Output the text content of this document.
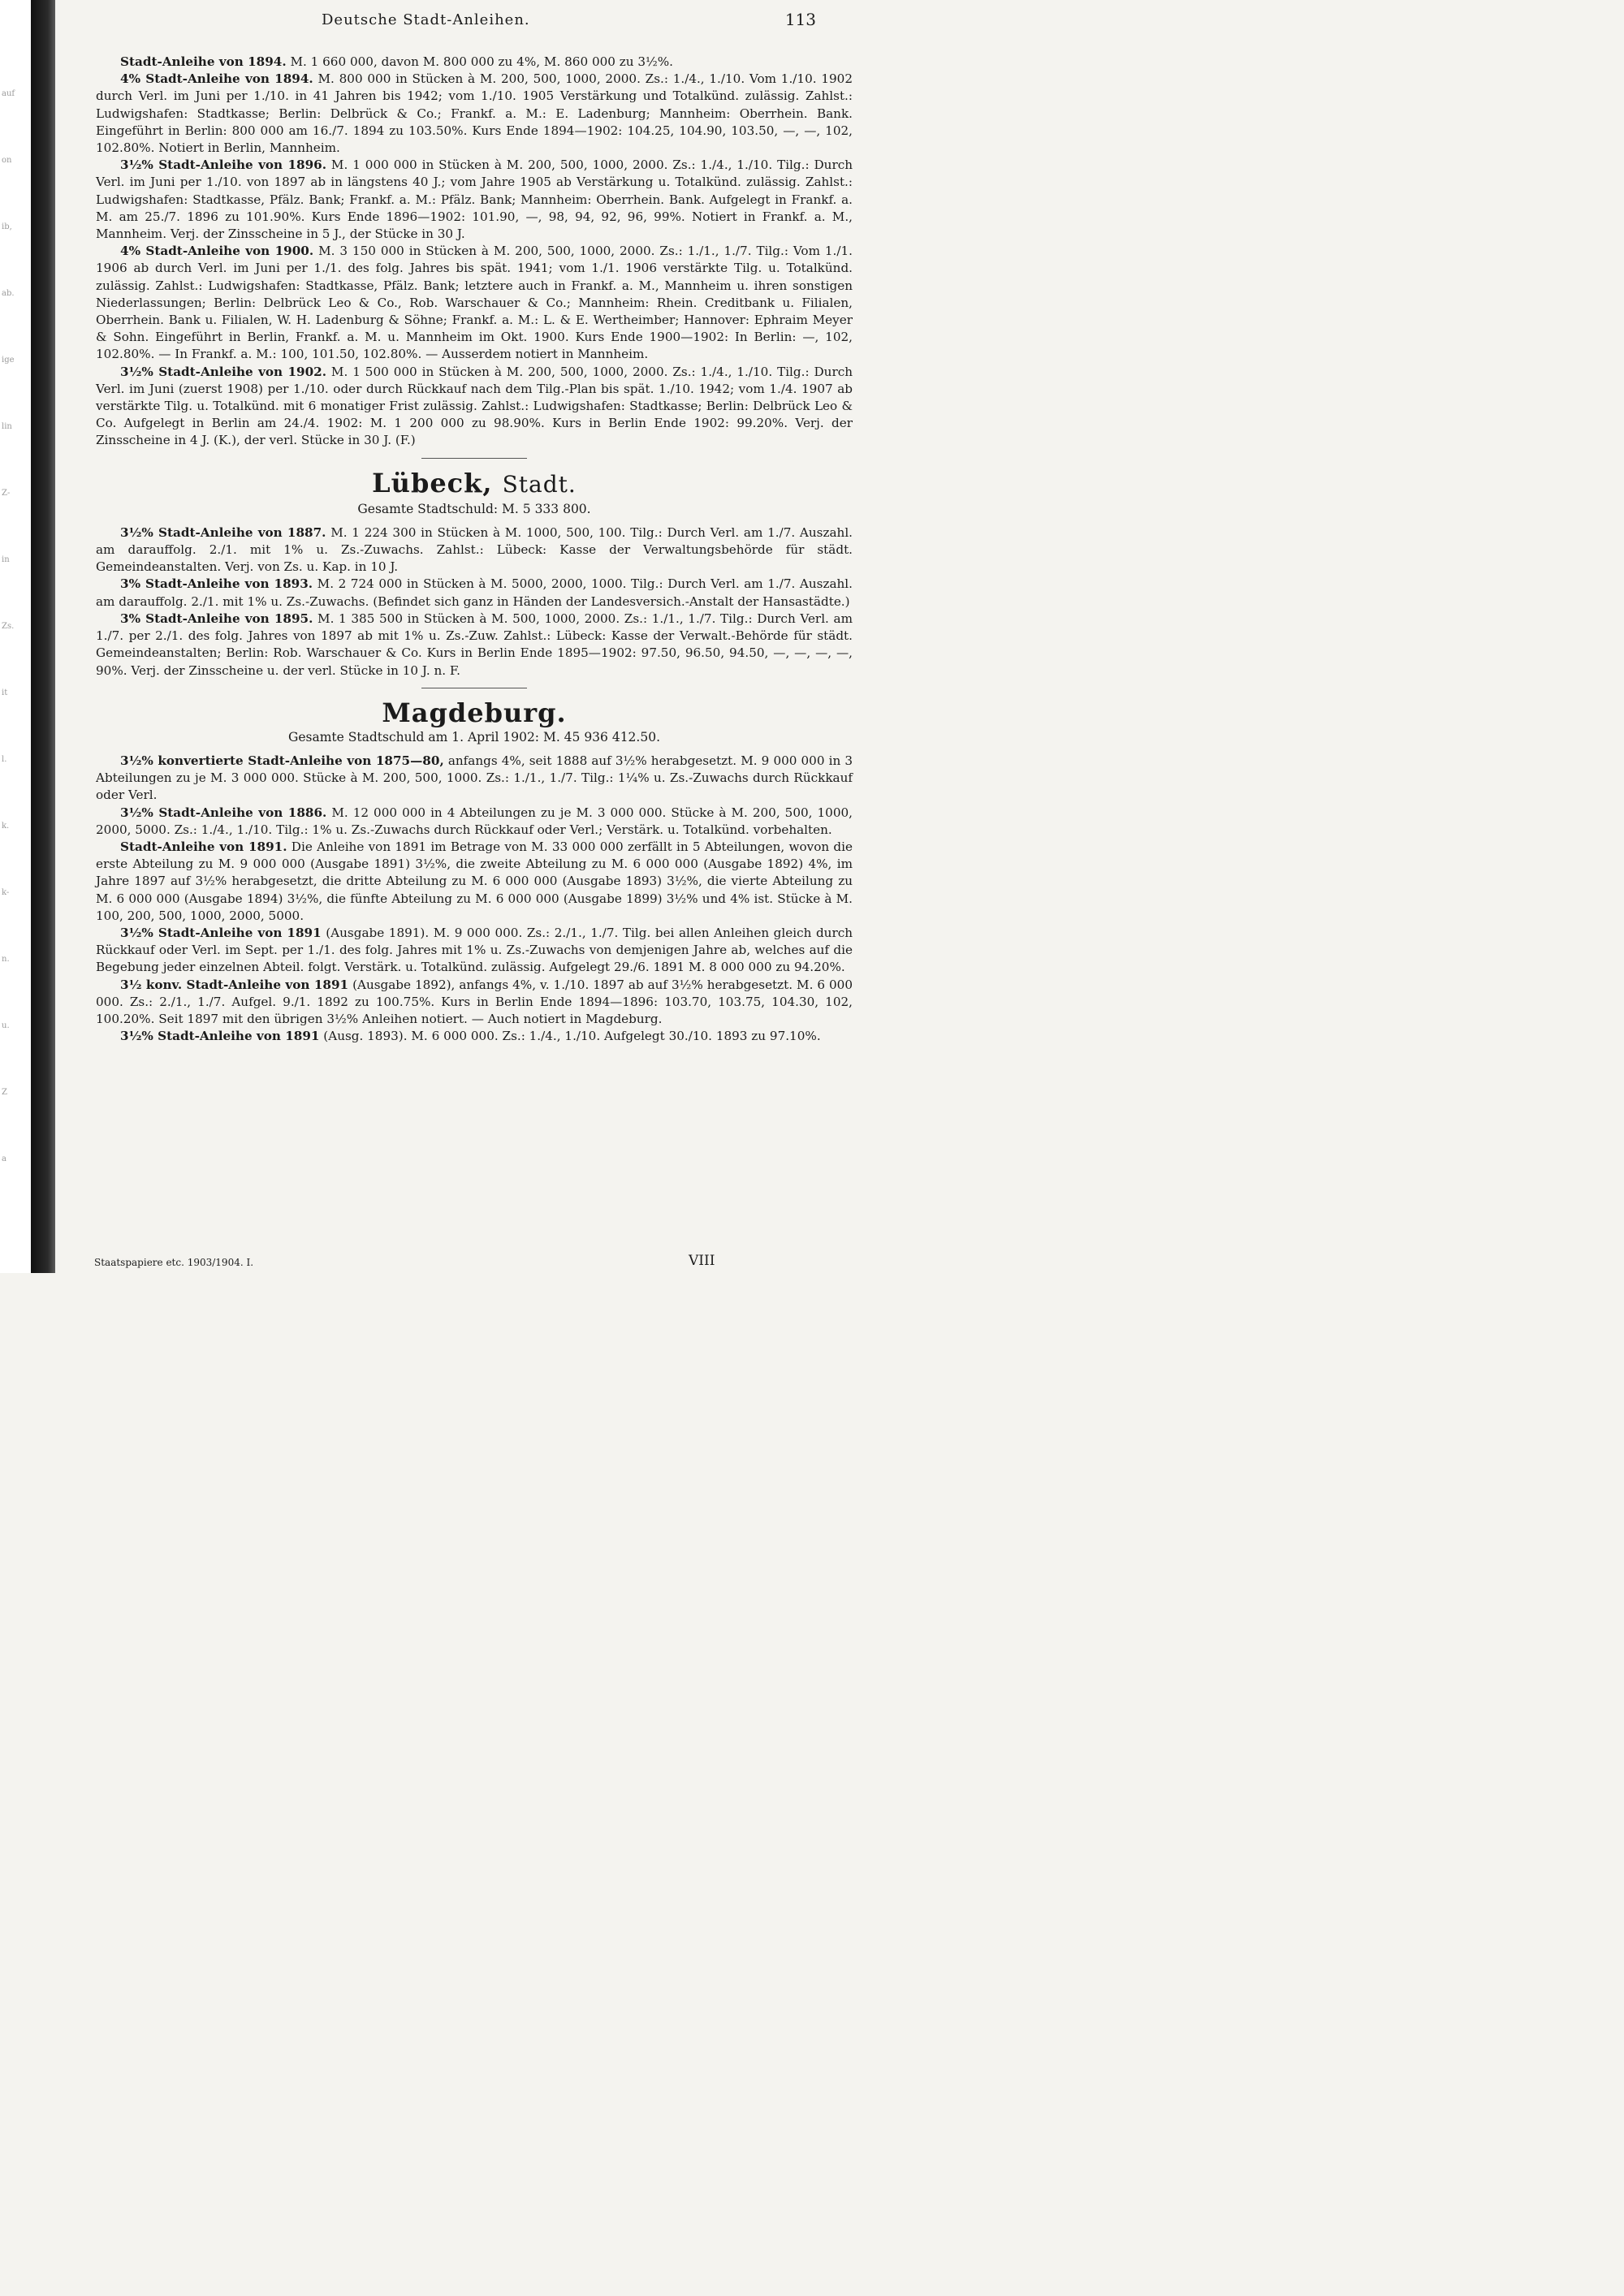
auf
on
ib,
ab.
ige
lin
Z-
in
Zs.
it
l.
k.
k-
n.
u.
Z
a
Deutsche Stadt-Anleihen.	113

Stadt-Anleihe von 1894. M. 1 660 000, davon M. 800 000 zu 4%, M. 860 000 zu 3½%.

4% Stadt-Anleihe von 1894. M. 800 000 in Stücken à M. 200, 500, 1000, 2000. Zs.: 1./4., 1./10. Vom 1./10. 1902 durch Verl. im Juni per 1./10. in 41 Jahren bis 1942; vom 1./10. 1905 Verstärkung und Totalkünd. zulässig. Zahlst.: Ludwigshafen: Stadtkasse; Berlin: Delbrück & Co.; Frankf. a. M.: E. Ladenburg; Mannheim: Oberrhein. Bank. Eingeführt in Berlin: 800 000 am 16./7. 1894 zu 103.50%. Kurs Ende 1894—1902: 104.25, 104.90, 103.50, —, —, 102, 102.80%. Notiert in Berlin, Mannheim.

3½% Stadt-Anleihe von 1896. M. 1 000 000 in Stücken à M. 200, 500, 1000, 2000. Zs.: 1./4., 1./10. Tilg.: Durch Verl. im Juni per 1./10. von 1897 ab in längstens 40 J.; vom Jahre 1905 ab Verstärkung u. Totalkünd. zulässig. Zahlst.: Ludwigshafen: Stadtkasse, Pfälz. Bank; Frankf. a. M.: Pfälz. Bank; Mannheim: Oberrhein. Bank. Aufgelegt in Frankf. a. M. am 25./7. 1896 zu 101.90%. Kurs Ende 1896—1902: 101.90, —, 98, 94, 92, 96, 99%. Notiert in Frankf. a. M., Mannheim. Verj. der Zinsscheine in 5 J., der Stücke in 30 J.

4% Stadt-Anleihe von 1900. M. 3 150 000 in Stücken à M. 200, 500, 1000, 2000. Zs.: 1./1., 1./7. Tilg.: Vom 1./1. 1906 ab durch Verl. im Juni per 1./1. des folg. Jahres bis spät. 1941; vom 1./1. 1906 verstärkte Tilg. u. Totalkünd. zulässig. Zahlst.: Ludwigshafen: Stadtkasse, Pfälz. Bank; letztere auch in Frankf. a. M., Mannheim u. ihren sonstigen Niederlassungen; Berlin: Delbrück Leo & Co., Rob. Warschauer & Co.; Mannheim: Rhein. Creditbank u. Filialen, Oberrhein. Bank u. Filialen, W. H. Ladenburg & Söhne; Frankf. a. M.: L. & E. Wertheimber; Hannover: Ephraim Meyer & Sohn. Eingeführt in Berlin, Frankf. a. M. u. Mannheim im Okt. 1900. Kurs Ende 1900—1902: In Berlin: —, 102, 102.80%. — In Frankf. a. M.: 100, 101.50, 102.80%. — Ausserdem notiert in Mannheim.

3½% Stadt-Anleihe von 1902. M. 1 500 000 in Stücken à M. 200, 500, 1000, 2000. Zs.: 1./4., 1./10. Tilg.: Durch Verl. im Juni (zuerst 1908) per 1./10. oder durch Rückkauf nach dem Tilg.-Plan bis spät. 1./10. 1942; vom 1./4. 1907 ab verstärkte Tilg. u. Totalkünd. mit 6 monatiger Frist zulässig. Zahlst.: Ludwigshafen: Stadtkasse; Berlin: Delbrück Leo & Co. Aufgelegt in Berlin am 24./4. 1902: M. 1 200 000 zu 98.90%. Kurs in Berlin Ende 1902: 99.20%. Verj. der Zinsscheine in 4 J. (K.), der verl. Stücke in 30 J. (F.)

Lübeck, Stadt.
Gesamte Stadtschuld: M. 5 333 800.

3½% Stadt-Anleihe von 1887. M. 1 224 300 in Stücken à M. 1000, 500, 100. Tilg.: Durch Verl. am 1./7. Auszahl. am darauffolg. 2./1. mit 1% u. Zs.-Zuwachs. Zahlst.: Lübeck: Kasse der Verwaltungsbehörde für städt. Gemeindeanstalten. Verj. von Zs. u. Kap. in 10 J.

3% Stadt-Anleihe von 1893. M. 2 724 000 in Stücken à M. 5000, 2000, 1000. Tilg.: Durch Verl. am 1./7. Auszahl. am darauffolg. 2./1. mit 1% u. Zs.-Zuwachs. (Befindet sich ganz in Händen der Landesversich.-Anstalt der Hansastädte.)

3% Stadt-Anleihe von 1895. M. 1 385 500 in Stücken à M. 500, 1000, 2000. Zs.: 1./1., 1./7. Tilg.: Durch Verl. am 1./7. per 2./1. des folg. Jahres von 1897 ab mit 1% u. Zs.-Zuw. Zahlst.: Lübeck: Kasse der Verwalt.-Behörde für städt. Gemeindeanstalten; Berlin: Rob. Warschauer & Co. Kurs in Berlin Ende 1895—1902: 97.50, 96.50, 94.50, —, —, —, —, 90%. Verj. der Zinsscheine u. der verl. Stücke in 10 J. n. F.

Magdeburg.
Gesamte Stadtschuld am 1. April 1902: M. 45 936 412.50.

3½% konvertierte Stadt-Anleihe von 1875—80, anfangs 4%, seit 1888 auf 3½% herabgesetzt. M. 9 000 000 in 3 Abteilungen zu je M. 3 000 000. Stücke à M. 200, 500, 1000. Zs.: 1./1., 1./7. Tilg.: 1¼% u. Zs.-Zuwachs durch Rückkauf oder Verl.

3½% Stadt-Anleihe von 1886. M. 12 000 000 in 4 Abteilungen zu je M. 3 000 000. Stücke à M. 200, 500, 1000, 2000, 5000. Zs.: 1./4., 1./10. Tilg.: 1% u. Zs.-Zuwachs durch Rückkauf oder Verl.; Verstärk. u. Totalkünd. vorbehalten.

Stadt-Anleihe von 1891. Die Anleihe von 1891 im Betrage von M. 33 000 000 zerfällt in 5 Abteilungen, wovon die erste Abteilung zu M. 9 000 000 (Ausgabe 1891) 3½%, die zweite Abteilung zu M. 6 000 000 (Ausgabe 1892) 4%, im Jahre 1897 auf 3½% herabgesetzt, die dritte Abteilung zu M. 6 000 000 (Ausgabe 1893) 3½%, die vierte Abteilung zu M. 6 000 000 (Ausgabe 1894) 3½%, die fünfte Abteilung zu M. 6 000 000 (Ausgabe 1899) 3½% und 4% ist. Stücke à M. 100, 200, 500, 1000, 2000, 5000.

3½% Stadt-Anleihe von 1891 (Ausgabe 1891). M. 9 000 000. Zs.: 2./1., 1./7. Tilg. bei allen Anleihen gleich durch Rückkauf oder Verl. im Sept. per 1./1. des folg. Jahres mit 1% u. Zs.-Zuwachs von demjenigen Jahre ab, welches auf die Begebung jeder einzelnen Abteil. folgt. Verstärk. u. Totalkünd. zulässig. Aufgelegt 29./6. 1891 M. 8 000 000 zu 94.20%.

3½ konv. Stadt-Anleihe von 1891 (Ausgabe 1892), anfangs 4%, v. 1./10. 1897 ab auf 3½% herabgesetzt. M. 6 000 000. Zs.: 2./1., 1./7. Aufgel. 9./1. 1892 zu 100.75%. Kurs in Berlin Ende 1894—1896: 103.70, 103.75, 104.30, 102, 100.20%. Seit 1897 mit den übrigen 3½% Anleihen notiert. — Auch notiert in Magdeburg.

3½% Stadt-Anleihe von 1891 (Ausg. 1893). M. 6 000 000. Zs.: 1./4., 1./10. Aufgelegt 30./10. 1893 zu 97.10%.

Staatspapiere etc. 1903/1904. I.	VIII
